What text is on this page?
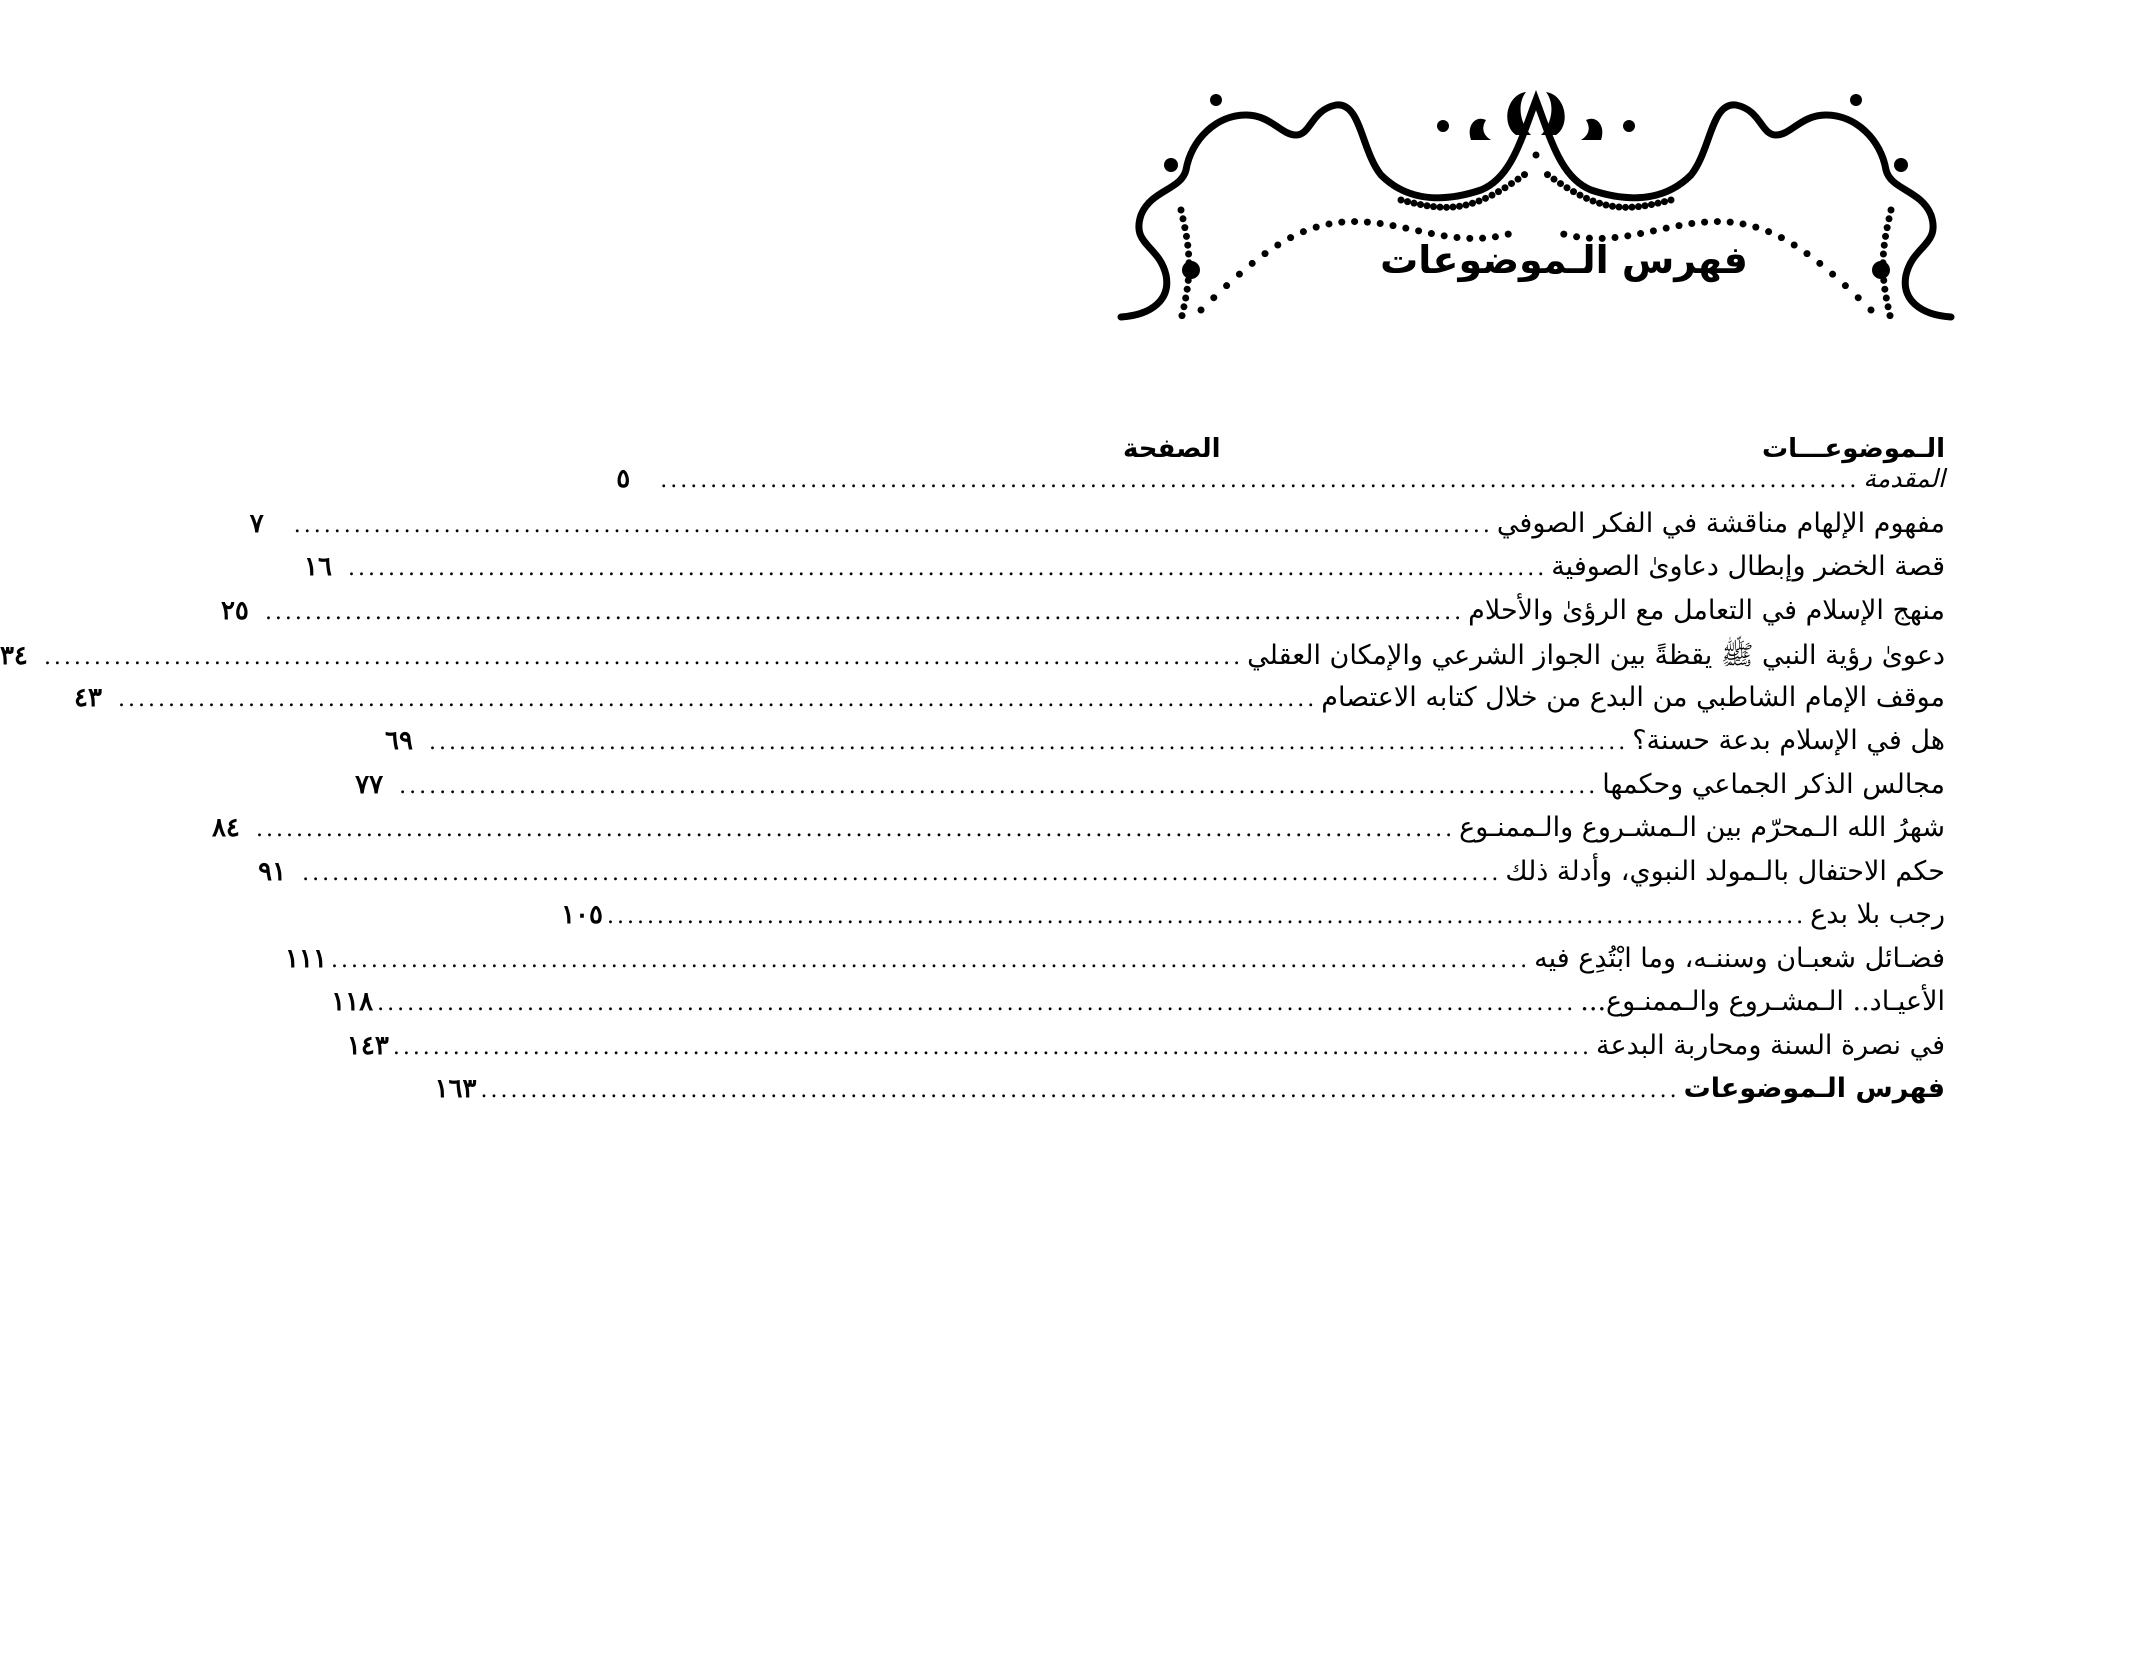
فهرس الـموضوعات
الـموضوعـــات
الصفحة
المقدمة
........................................................................................................................
٥
مفهوم الإلهام مناقشة في الفكر الصوفي
........................................................................................................................
٧
قصة الخضر وإبطال دعاوىٰ الصوفية
........................................................................................................................
١٦
منهج الإسلام في التعامل مع الرؤىٰ والأحلام
........................................................................................................................
٢٥
دعوىٰ رؤية النبي ﷺ يقظةً بين الجواز الشرعي والإمكان العقلي
........................................................................................................................
٣٤
موقف الإمام الشاطبي من البدع من خلال كتابه الاعتصام
........................................................................................................................
٤٣
هل في الإسلام بدعة حسنة؟
........................................................................................................................
٦٩
مجالس الذكر الجماعي وحكمها
........................................................................................................................
٧٧
شهرُ الله الـمحرّم بين الـمشـروع والـممنـوع
........................................................................................................................
٨٤
حكم الاحتفال بالـمولد النبوي، وأدلة ذلك
........................................................................................................................
٩١
رجب بلا بدع
........................................................................................................................
١٠٥
فضـائل شعبـان وسننـه، وما ابْتُدِع فيه
........................................................................................................................
١١١
الأعيـاد.. الـمشـروع والـممنـوع...
........................................................................................................................
١١٨
في نصرة السنة ومحاربة البدعة
........................................................................................................................
١٤٣
فهرس الـموضوعات
........................................................................................................................
١٦٣
